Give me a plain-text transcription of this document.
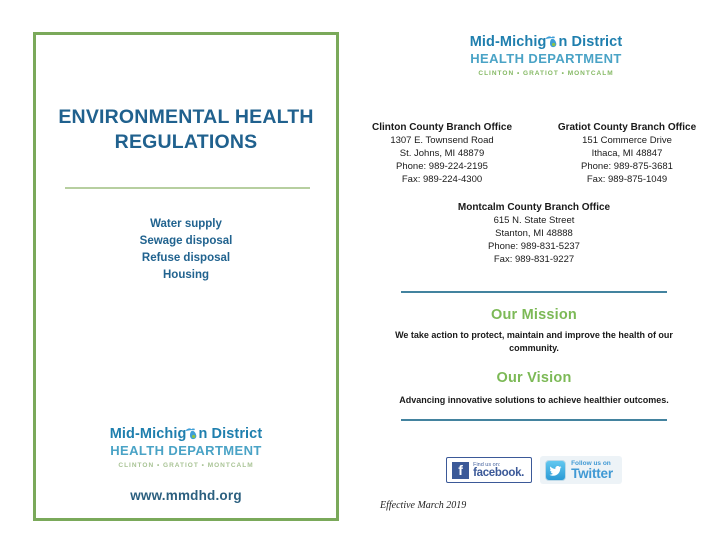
ENVIRONMENTAL HEALTH REGULATIONS
Water supply
Sewage disposal
Refuse disposal
Housing
Mid-Michig n District
HEALTH DEPARTMENT
CLINTON • GRATIOT • MONTCALM
www.mmdhd.org
Mid-Michig n District
HEALTH DEPARTMENT
CLINTON • GRATIOT • MONTCALM
Clinton County Branch Office
1307 E. Townsend Road
St. Johns, MI 48879
Phone: 989-224-2195
Fax: 989-224-4300
Gratiot County Branch Office
151 Commerce Drive
Ithaca, MI 48847
Phone: 989-875-3681
Fax: 989-875-1049
Montcalm County Branch Office
615 N. State Street
Stanton, MI 48888
Phone: 989-831-5237
Fax: 989-831-9227
Our Mission
We take action to protect, maintain and improve the health of our community.
Our Vision
Advancing innovative solutions to achieve healthier outcomes.
f	Find us on:
facebook.
Follow us on
Twitter
Effective March 2019
